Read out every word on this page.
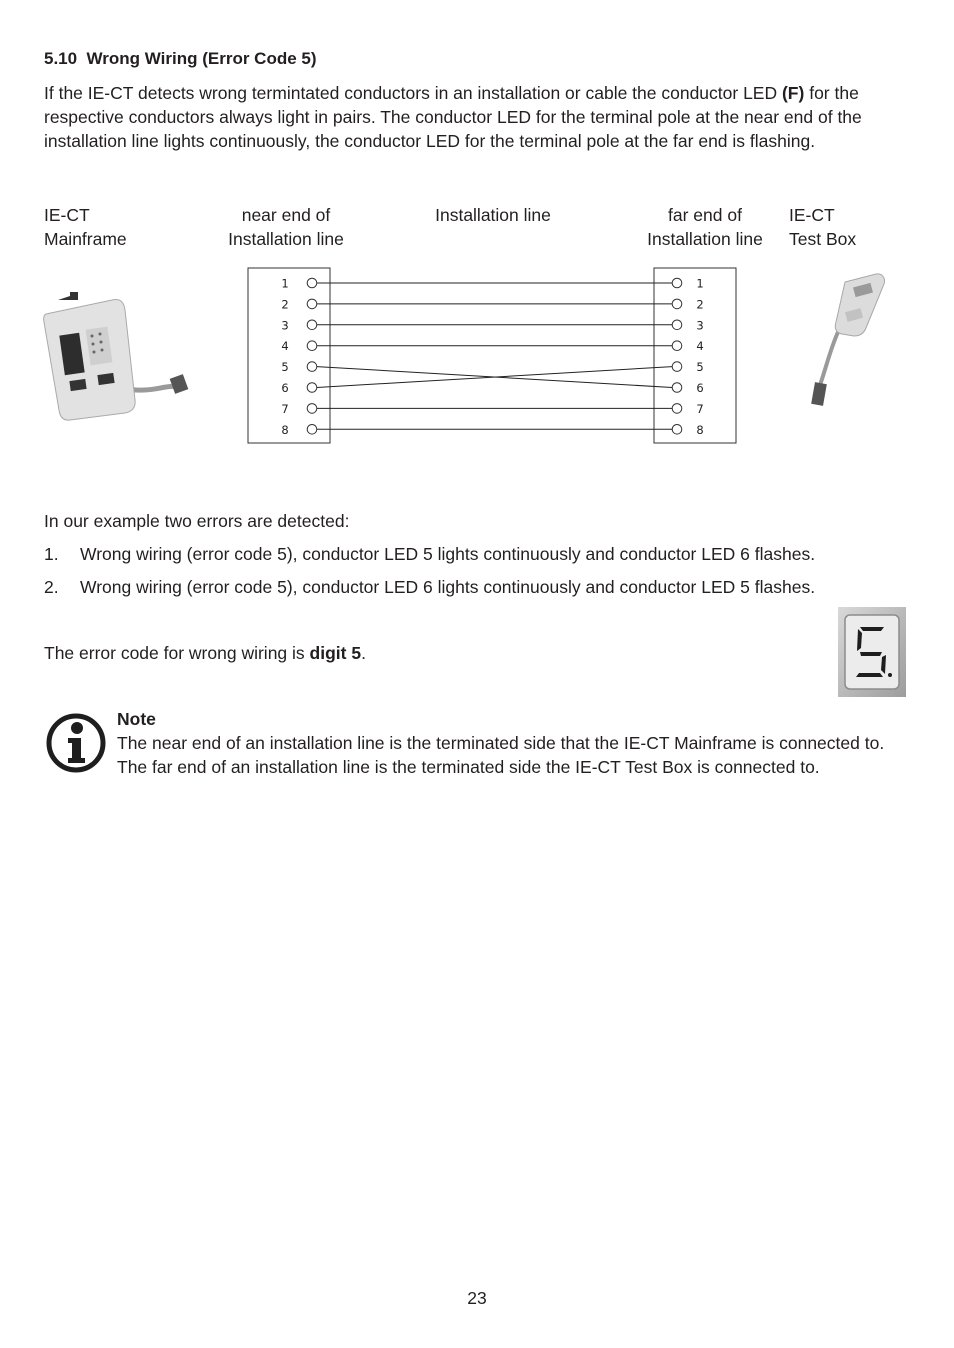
5.10 Wrong Wiring (Error Code 5)
If the IE-CT detects wrong termintated conductors in an installation or cable the conductor LED (F) for the respective conductors always light in pairs. The conductor LED for the terminal pole at the near end of the installation line lights continuously, the conductor LED for the terminal pole at the far end is flashing.
IE-CT
Mainframe
near end of
Installation line
Installation line	far end of
Installation line
IE-CT
Test Box
1
2
3
4
5
6
7
8
1
2
3
4
5
6
7
8
In our example two errors are detected:
1. Wrong wiring (error code 5), conductor LED 5 lights continuously and conductor LED 6 flashes.
2. Wrong wiring (error code 5), conductor LED 6 lights continuously and conductor LED 5 flashes.
The error code for wrong wiring is digit 5.
Note
The near end of an installation line is the terminated side that the IE-CT Mainframe is connected to. The far end of an installation line is the terminated side the IE-CT Test Box is connected to.
23
